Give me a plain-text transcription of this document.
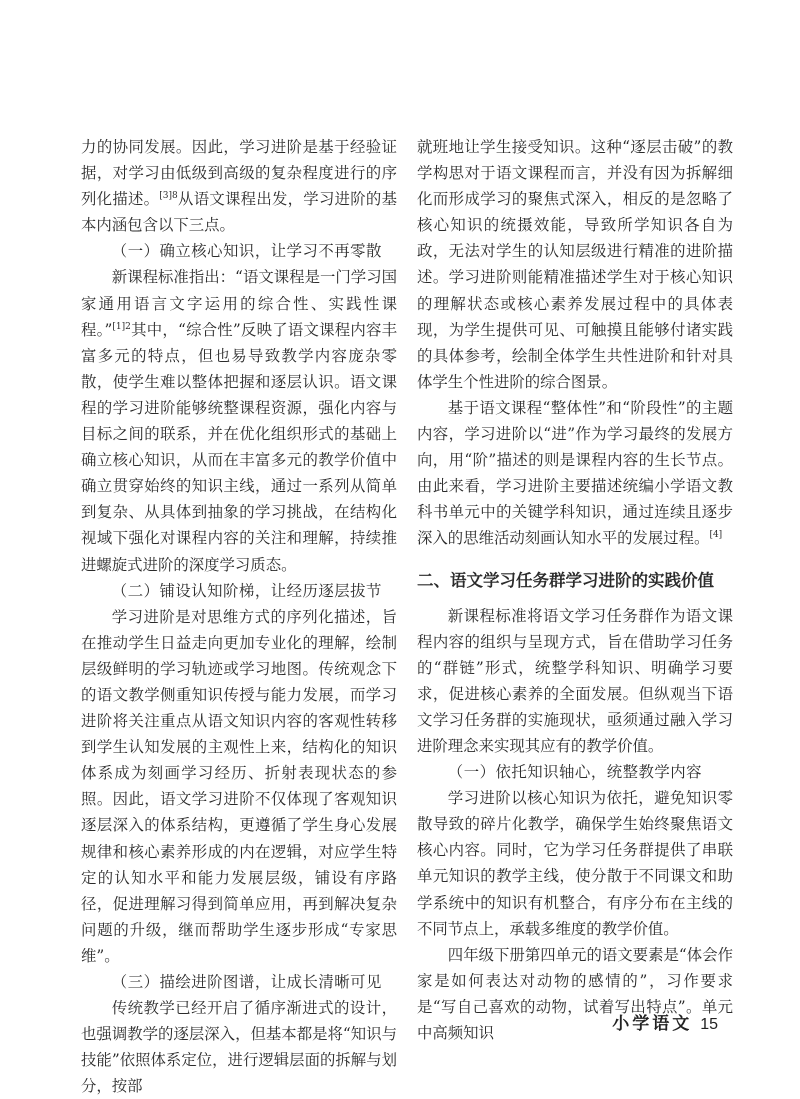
力的协同发展。因此，学习进阶是基于经验证据，对学习由低级到高级的复杂程度进行的序列化描述。$^{[3]8}$从语文课程出发，学习进阶的基本内涵包含以下三点。

（一）确立核心知识，让学习不再零散

新课程标准指出：“语文课程是一门学习国家通用语言文字运用的综合性、实践性课程。”$^{[1]2}$其中，“综合性”反映了语文课程内容丰富多元的特点，但也易导致教学内容庞杂零散，使学生难以整体把握和逐层认识。语文课程的学习进阶能够统整课程资源，强化内容与目标之间的联系，并在优化组织形式的基础上确立核心知识，从而在丰富多元的教学价值中确立贯穿始终的知识主线，通过一系列从简单到复杂、从具体到抽象的学习挑战，在结构化视域下强化对课程内容的关注和理解，持续推进螺旋式进阶的深度学习质态。

（二）铺设认知阶梯，让经历逐层拔节

学习进阶是对思维方式的序列化描述，旨在推动学生日益走向更加专业化的理解，绘制层级鲜明的学习轨迹或学习地图。传统观念下的语文教学侧重知识传授与能力发展，而学习进阶将关注重点从语文知识内容的客观性转移到学生认知发展的主观性上来，结构化的知识体系成为刻画学习经历、折射表现状态的参照。因此，语文学习进阶不仅体现了客观知识逐层深入的体系结构，更遵循了学生身心发展规律和核心素养形成的内在逻辑，对应学生特定的认知水平和能力发展层级，铺设有序路径，促进理解习得到简单应用，再到解决复杂问题的升级，继而帮助学生逐步形成“专家思维”。

（三）描绘进阶图谱，让成长清晰可见

传统教学已经开启了循序渐进式的设计，也强调教学的逐层深入，但基本都是将“知识与技能”依照体系定位，进行逻辑层面的拆解与划分，按部

就班地让学生接受知识。这种“逐层击破”的教学构思对于语文课程而言，并没有因为拆解细化而形成学习的聚焦式深入，相反的是忽略了核心知识的统摄效能，导致所学知识各自为政，无法对学生的认知层级进行精准的进阶描述。学习进阶则能精准描述学生对于核心知识的理解状态或核心素养发展过程中的具体表现，为学生提供可见、可触摸且能够付诸实践的具体参考，绘制全体学生共性进阶和针对具体学生个性进阶的综合图景。

基于语文课程“整体性”和“阶段性”的主题内容，学习进阶以“进”作为学习最终的发展方向，用“阶”描述的则是课程内容的生长节点。由此来看，学习进阶主要描述统编小学语文教科书单元中的关键学科知识，通过连续且逐步深入的思维活动刻画认知水平的发展过程。[4]

二、语文学习任务群学习进阶的实践价值

新课程标准将语文学习任务群作为语文课程内容的组织与呈现方式，旨在借助学习任务的“群链”形式，统整学科知识、明确学习要求，促进核心素养的全面发展。但纵观当下语文学习任务群的实施现状，亟须通过融入学习进阶理念来实现其应有的教学价值。

（一）依托知识轴心，统整教学内容

学习进阶以核心知识为依托，避免知识零散导致的碎片化教学，确保学生始终聚焦语文核心内容。同时，它为学习任务群提供了串联单元知识的教学主线，使分散于不同课文和助学系统中的知识有机整合，有序分布在主线的不同节点上，承载多维度的教学价值。

四年级下册第四单元的语文要素是“体会作家是如何表达对动物的感情的”，习作要求是“写自己喜欢的动物，试着写出特点”。单元中高频知识	小学语文 15
